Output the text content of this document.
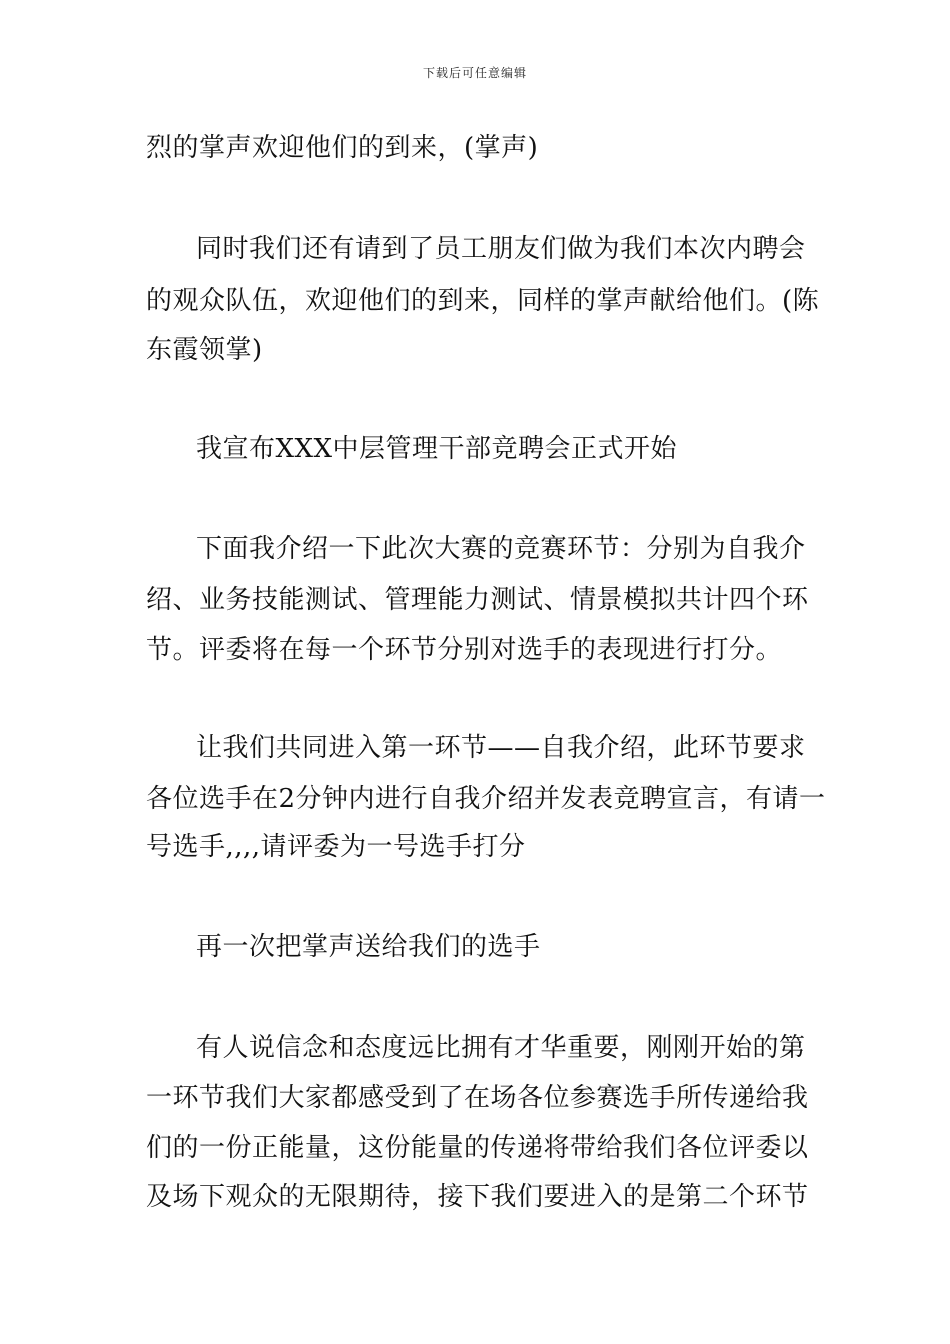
下载后可任意编辑
烈的掌声欢迎他们的到来，(掌声)
同时我们还有请到了员工朋友们做为我们本次内聘会
的观众队伍，欢迎他们的到来，同样的掌声献给他们。(陈
东霞领掌)
我宣布XXX中层管理干部竞聘会正式开始
下面我介绍一下此次大赛的竞赛环节：分别为自我介
绍、业务技能测试、管理能力测试、情景模拟共计四个环
节。评委将在每一个环节分别对选手的表现进行打分。
让我们共同进入第一环节——自我介绍，此环节要求
各位选手在2分钟内进行自我介绍并发表竞聘宣言，有请一
号选手,,,,请评委为一号选手打分
再一次把掌声送给我们的选手
有人说信念和态度远比拥有才华重要，刚刚开始的第
一环节我们大家都感受到了在场各位参赛选手所传递给我
们的一份正能量，这份能量的传递将带给我们各位评委以
及场下观众的无限期待，接下我们要进入的是第二个环节
